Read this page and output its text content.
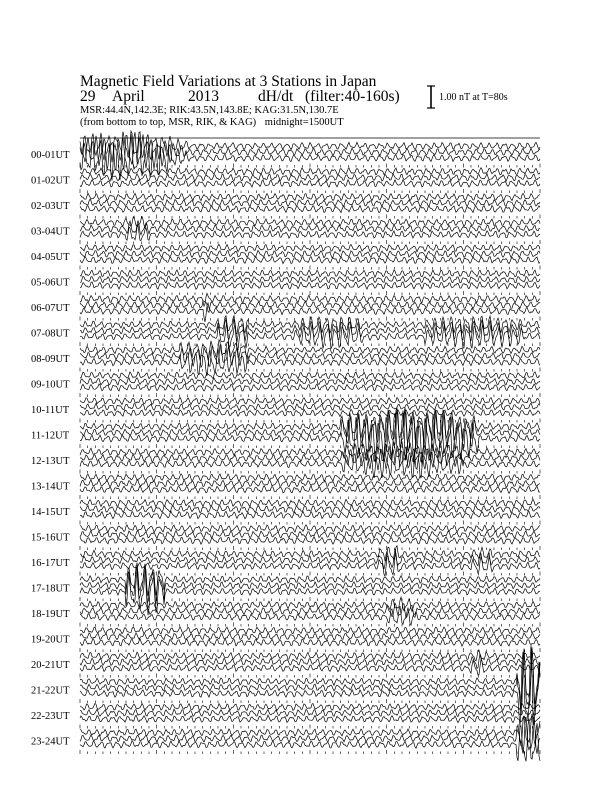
Magnetic Field Variations at 3 Stations in Japan
29 April	2013	dH/dt (filter:40-160s)
MSR:44.4N,142.3E; RIK:43.5N,143.8E; KAG:31.5N,130.7E
(from bottom to top, MSR, RIK, & KAG) midnight=1500UT
1.00 nT at T=80s
00-01UT
01-02UT
02-03UT
03-04UT
04-05UT
05-06UT
06-07UT
07-08UT
08-09UT
09-10UT
10-11UT
11-12UT
12-13UT
13-14UT
14-15UT
15-16UT
16-17UT
17-18UT
18-19UT
19-20UT
20-21UT
21-22UT
22-23UT
23-24UT
